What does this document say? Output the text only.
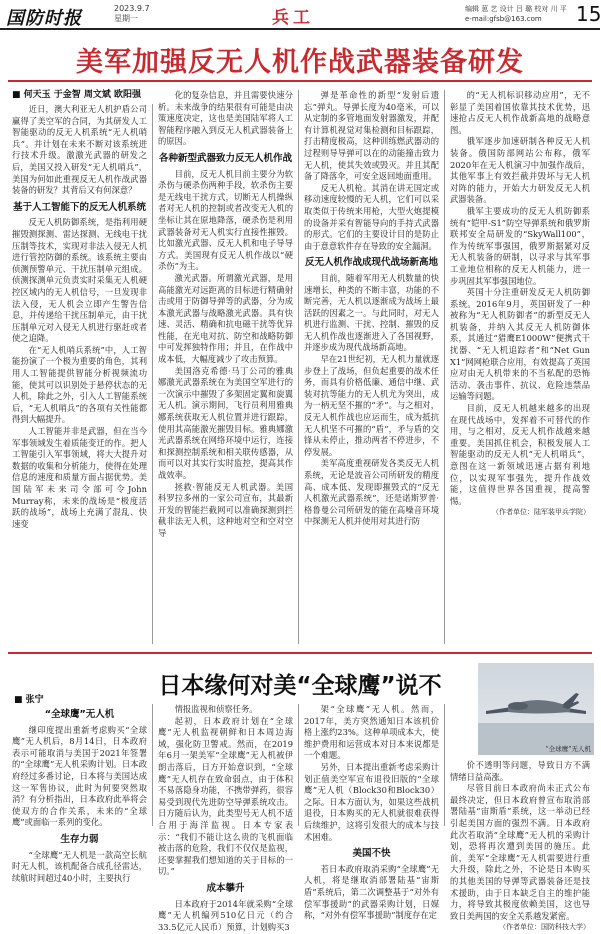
国防时报	2023.9.7
星期一	兵工	编辑 葸 艺 设计 吕 璐 校对 川 平
e-mail:gfsb@163.com	15
美军加强反无人机作战武器装备研发
■ 何天玉 于金智 周文斌 欧阳强

近日，澳大利亚无人机护盾公司赢得了美空军的合同，为其研发人工智能驱动的反无人机系统“无人机哨兵”。并计划在未来不断对该系统进行技术升级。激激光武器的研发之后，美国又投入研发“无人机哨兵”，美国为何如此重视反无人机作战武器装备的研发？其背后又有何深意？

基于人工智能下的反无人机系统

反无人机防御系统，是指利用硬摧毁测探测、雷达探测、无线电干扰压制等技术，实现对非法入侵无人机进行管控防御的系统。该系统主要由侦测预警单元、干扰压制单元组成。侦测探测单元负责实时采集无人机硬控区域内的无人机信号，一旦发现非法入侵，无人机会立即产生警告信息，并传递给干扰压制单元，由干扰压制单元对入侵无人机进行驱赶或者使之追降。

在“无人机哨兵系统”中，人工智能扮演了一个极为重要的角色，其利用人工智能提供智能分析视频流功能，使其可以识别处于悬停状态的无人机，除此之外，引入人工智能系统后，“无人机哨兵”的各项有关性能都得到大幅提升。

人工智能并非是武器，但在当今军事领域发生着质能变迁的作。把人工智能引入军事领域，将大大提升对数据的收集和分析能力，使得在处理信息的速度和质量方面占据优势。美国陆军未来司令部可令John Murray称，未来的战场是“极度活跃的战场”，战场上充满了混乱、快速变

化的复杂信息，并且需要快速分析。未来战争的结果很有可能是由决策速度决定，这也是美国陆军将人工智能程序融入到反无人机武器装备上的原因。

各种新型武器致力反无人机作战

目前，反无人机目前主要分为软杀伤与硬杀伤两种手段，软杀伤主要是无线电干扰方式，切断无人机操纵者对无人机的控制或者改变无人机的坐标让其在原地降落，硬杀伤是利用武器装备对无人机实行直接性摧毁。比如激光武器、反无人机和电子导导方式。美国现有反无人机作战以“硬杀伤”为主。

激光武器。所谓激光武器，是用高能激光对远距离的目标进行精确射击或用于防御导弹等的武器，分为成本激光武器与战略激光武器。具有快速、灵活、精确和抗电磁干扰等优异性能，在光电对抗、防空和战略防御中可发挥独特作用；并且，在作战中成本低，大幅度减少了攻击预算。

美国洛克希德·马丁公司的雅典娜激光武器系统在为美国空军进行的一次演示中摧毁了多架固定翼和旋翼无人机。演示期间，飞行员利用雅典娜系统获取无人机位置并进行跟踪，使用其高能激光摧毁目标。雅典娜激光武器系统在网络环境中运行，连接和探测控制系统和相关联传感器，从而可以对其实行实时监控，提高其作战效率。

拯救·智能反无人机武器。美国科罗拉多州的一家公司宣布，其最新开发的智能拦截网可以准确探测到拦截非法无人机，这种地对空和空对空导

弹是革命性的新型“发射后遗忘”弹丸。导弹长度为40毫米，可以从定制的多管地面发射器激发，并配有计算机视觉对集检测和目标跟踪，打击精度极高，这种训练燃武器动的过程则导导弹可以在的动能撞击致力无人机，使其失效或毁灭。并且其配备了降落伞，可安全返回地面重用。

反无人机枪。其消在讲无国定或移动速度较慢的无人机，它们可以采取类似于传统来用枪，大型火炮提模的设备并采有智能导向的手持式武器的形式。它们的主要设计目的是防止由于意意软件存在导致的安全漏洞。

反无人机作战成现代战场新高地

目前，随着军用无人机数量的快速增长，种类的不断丰富，功能的不断完善，无人机以逐渐成为战场上最活跃的因素之一。与此同时，对无人机进行监测、干扰、控制、摧毁的反无人机作战也逐渐进入了各国视野，并逐步成为现代战场新高地。

早在21世纪初，无人机力量就逐步登上了战场，但负起重要的战术任务，而具有价格低廉、通信中继、武装对抗等能力的无人机尤为突出，成为一柄无坚不摧的“矛”。与之相对，反无人机作战也应运而生，成为抵抗无人机坚不可摧的“盾”，矛与盾的交锋从未停止，推动两者不停进步，不停发展。

美军高度重视研发各类反无人机系统，无论是波音公司所研发的精度高、成本低、发现即摧毁式的“反无人机激光武器系统”，还是诺斯罗普·格鲁曼公司所研发的能在高噪音环境中探测无人机并使用对其进行防

的“无人机标识移动应用”，无不彰显了美国着国依靠其技术优势，迅速抢占反无人机作战新高地的战略意图。

俄军逐步加速研制各种反无人机装备。俄国防部网站公布称，俄军2020年在无人机演习中加强作战后，其他军事上有效拦截并毁坏与无人机对阵的能力，开始大力研发反无人机武器装备。

俄军主要成功的反无人机防御系统有“铠甲-S1”防空导弹系统和俄罗斯联邦安全局研发的“SkyWall100”，作为传统军事强国，俄罗斯据紧对反无人机装备的研制，以寻求与其军事工业地位相称的反无人机能力，进一步巩固其军事强国地位。

英国十分注重研发反无人机防御系统。2016年9月，英国研发了一种被称为“无人机防御者”的新型反无人机装备，并纳入其反无人机防御体系，其通过“猎鹰E1000W”便携式干扰器、“无人机追踪者”和“Net Gun X1”网网枪联合应用，有效提高了英国应对由无人机带来的不当私配的恐怖活动、袭击事件、抗议、危险违禁品运输等问题。

目前，反无人机越来越多的出现在现代战场中，发挥着不可替代的作用，与之相对，反无人机作战越来越重要。美国抓住机会，积极发展人工智能驱动的反无人机“无人机哨兵”，意图在这一新领域迅速占据有利地位，以实现军事强先，提升作战效能，这值得世界各国重视，提高警惕。

（作者单位：陆军装甲兵学院）

日本缘何对美“全球鹰”说不
■ 张宁
“全球鹰”无人机

继印度提出重新考虑购买“全球鹰”无人机后，8月14日，日本政府表示可能取消与美国于2021年签署的“全球鹰”无人机采购计划。日本政府经过多番讨论，日本将与美国达成这一军售协议，此时为何要突然取消？有分析指出，日本政府此举将会使双方的合作关系，未来的“全球鹰”或面临一系列的变化。

生存力弱

“全球鹰”无人机是一款高空长航时无人机，该机配备合成孔径雷达，续航时间超过40小时，主要执行

情报监视和侦察任务。

起初，日本政府计划在“全球鹰”无人机监视朝鲜和日本周边海域，强化防卫警戒。然而，在2019年6月一架美军“全球鹰”无人机被伊朗击落后，日方开始意识到，“全球鹰”无人机存在致命弱点，由于体积不易落隐身功能，不携带弹药，很容易受到现代先进防空导弹系统攻击。日方随后认为，此类型号无人机不适合用于海洋监视。日本专家表示：“我们不能让这么贵的飞机面临被击落的危险，我们不仅仅是监视，还要掌握我们想知道的关于目标的一切。”

成本攀升

日本政府于2014年就采购“全球鹰”无人机编列510亿日元（约合33.5亿元人民币）预算，计划购买3

架“全球鹰”无人机。然而，2017年，美方突然通知日本该机价格上涨约23%。这种单项成本大，使维护费用和运营成本对日本来说都是一个难题。

另外，日本提出重新考虑采购计划正值美空军宣布退役旧版的“全球鹰”无人机（Block30和Block30）之际。日本方面认为，如果这些战机退役，日本购买的无人机就很难获得后续维护，这将引发很大的成本与技术困难。

美国不快

若日本政府取消采购“全球鹰”无人机，将是继取消部署陆基“宙斯盾”系统后，第二次调整基于“对外有偿军事援助”的武器采购计划，日媒称，“对外有偿军事援助”制度存在定

价不透明等问题，导致日方不满情绪日益高涨。

尽管目前日本政府尚未正式公布最终决定，但日本政府曾宣布取消部署陆基“宙斯盾”系统，这一举动已经引起美国方面的强烈不满。日本政府此次若取消“全球鹰”无人机的采购计划，恐将再次遭到美国的施压。此前，美军“全球鹰”无人机需要进行重大升级，除此之外，不论是日本购买的其他美国的导弹等武器装备还是技术援助，由于日本缺乏自主的维护能力，将导致其极度依赖美国，这也导致日美两国的安全关系越发紧密。

（作者单位：国防科技大学）

“全球鹰”无人机
